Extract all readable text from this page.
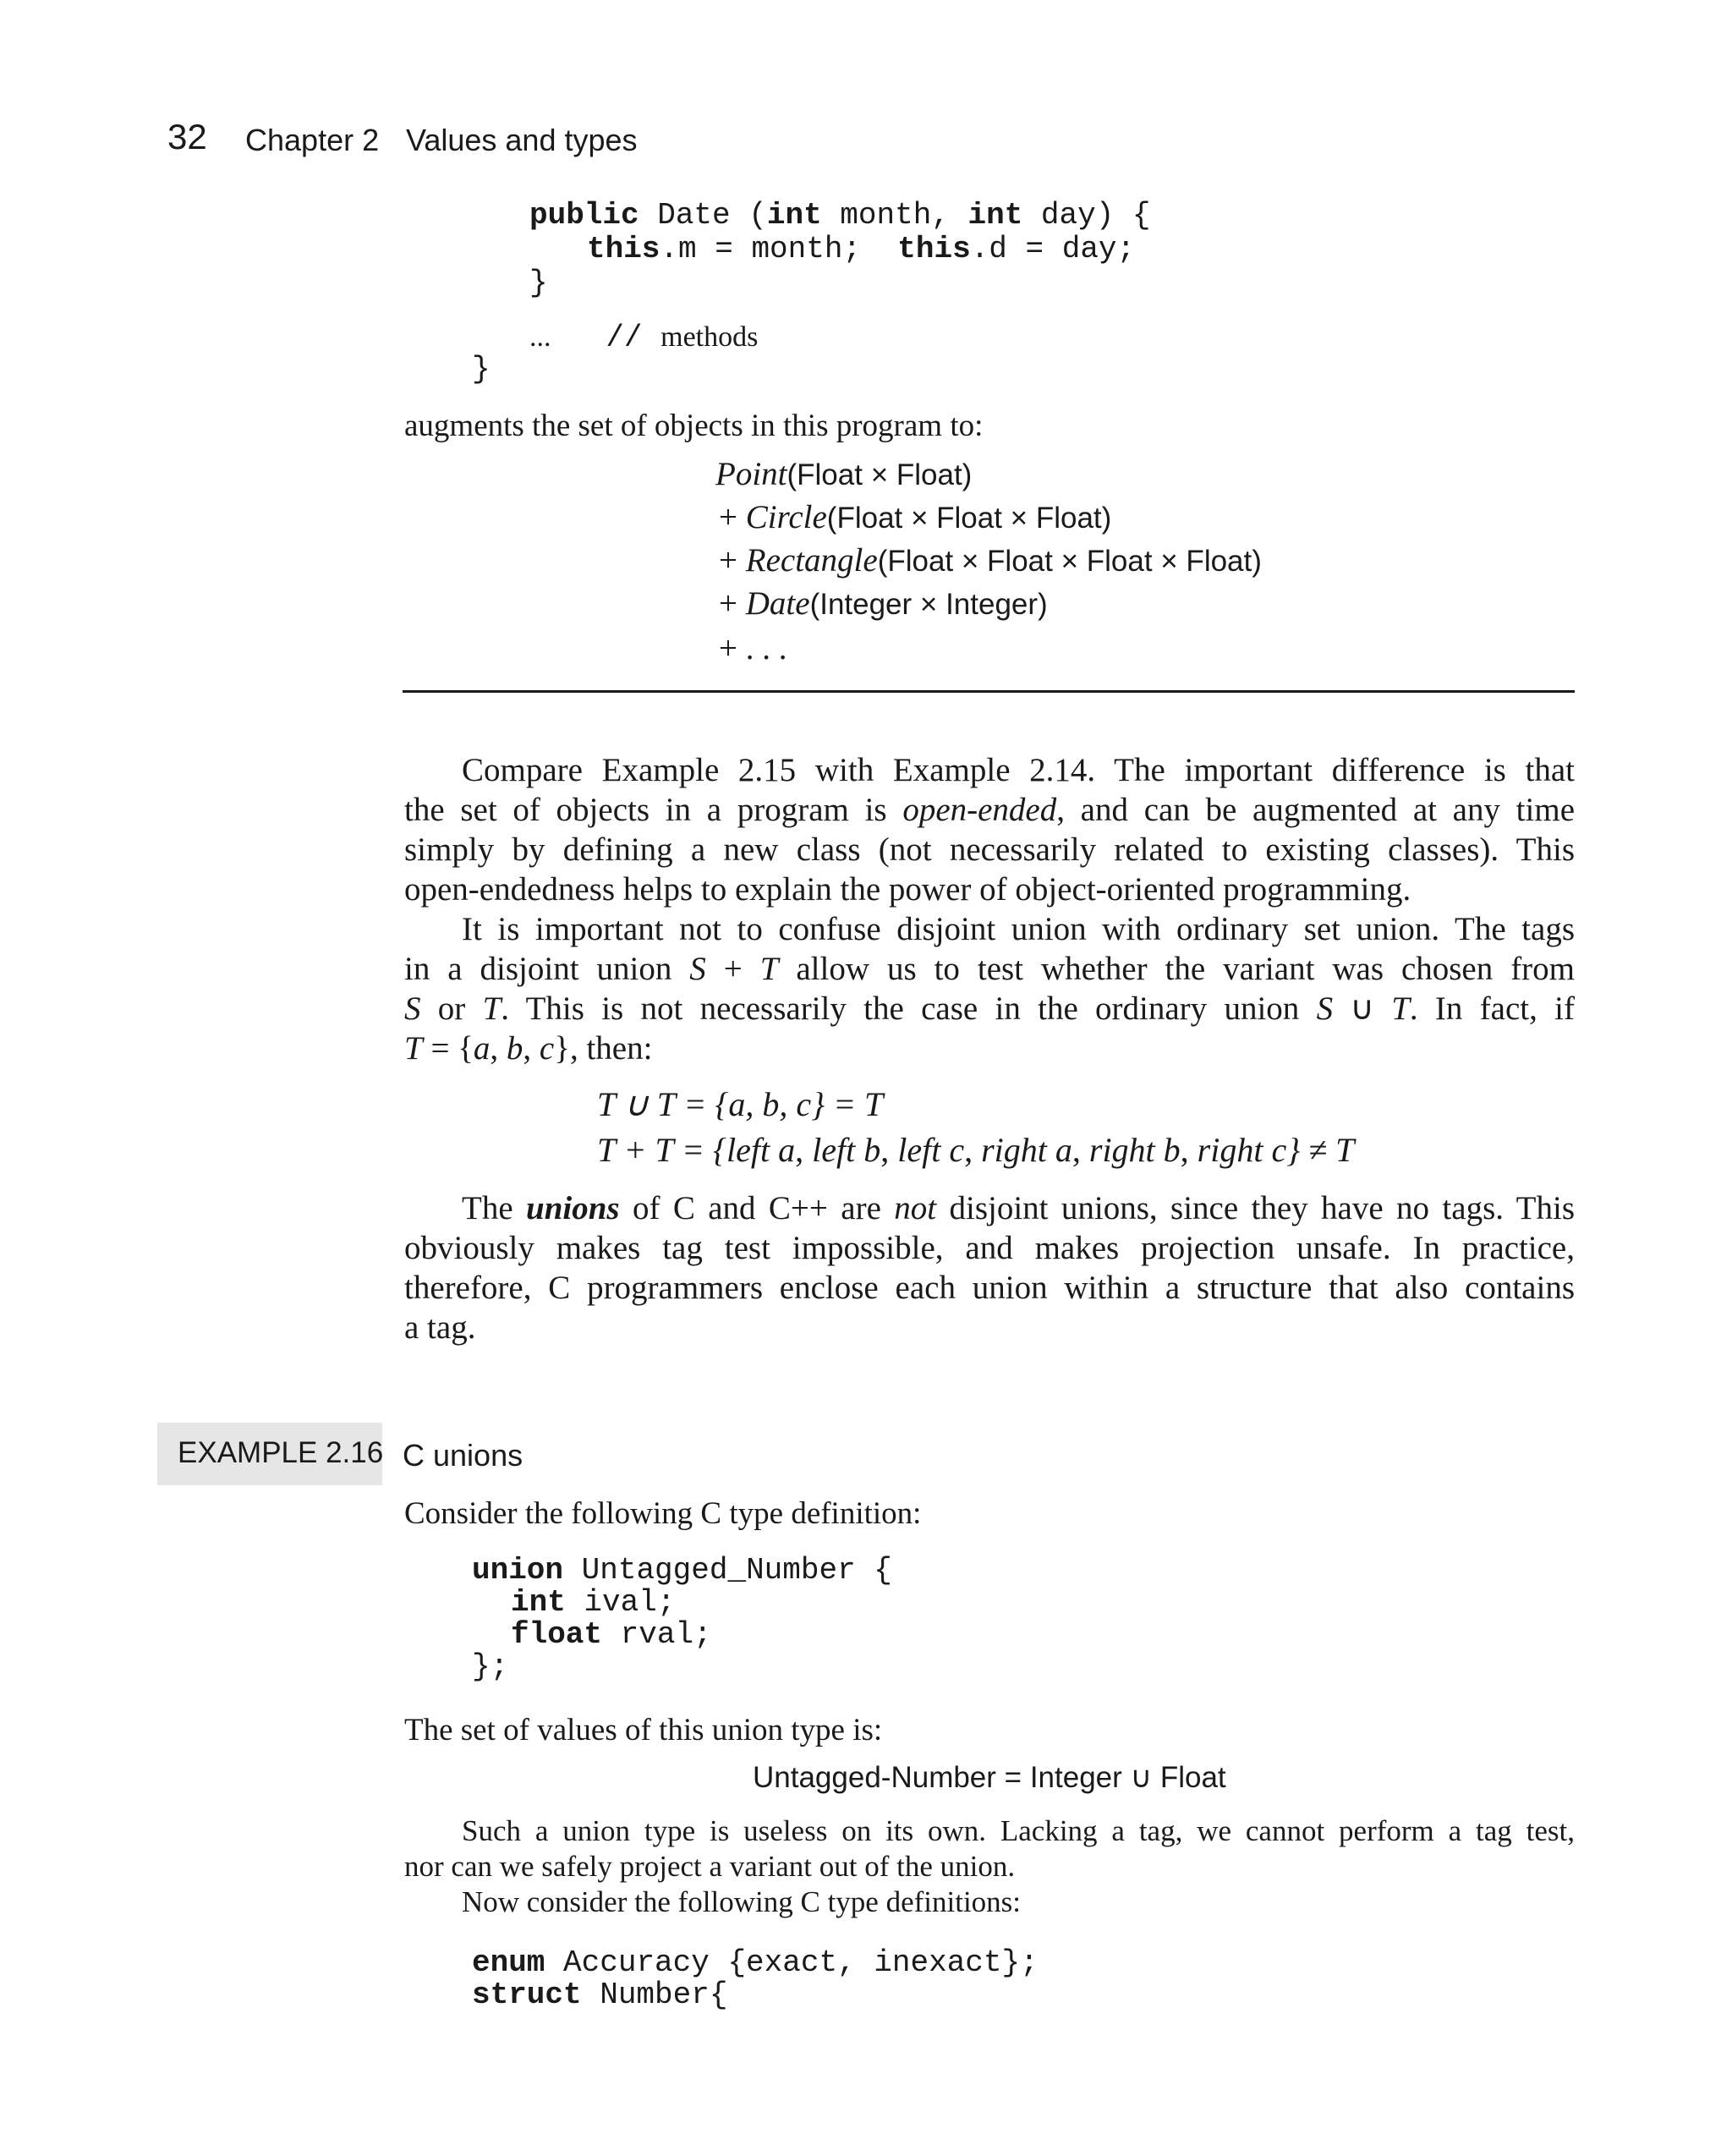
32 Chapter 2 Values and types
public Date (int month, int day) {
this.m = month;  this.d = day;
}
... // methods
}
augments the set of objects in this program to:
Point(Float × Float)
+ Circle(Float × Float × Float)
+ Rectangle(Float × Float × Float × Float)
+ Date(Integer × Integer)
+ . . .
Compare Example 2.15 with Example 2.14. The important difference is that
the set of objects in a program is open-ended, and can be augmented at any time
simply by defining a new class (not necessarily related to existing classes). This
open-endedness helps to explain the power of object-oriented programming.
It is important not to confuse disjoint union with ordinary set union. The tags
in a disjoint union S + T allow us to test whether the variant was chosen from
S or T. This is not necessarily the case in the ordinary union S ∪ T. In fact, if
T = {a, b, c}, then:
T ∪ T = {a, b, c} = T
T + T = {left a, left b, left c, right a, right b, right c} ≠ T
The unions of C and C++ are not disjoint unions, since they have no tags. This
obviously makes tag test impossible, and makes projection unsafe. In practice,
therefore, C programmers enclose each union within a structure that also contains
a tag.
EXAMPLE 2.16 C unions
Consider the following C type definition:
union Untagged_Number {
int ival;
float rval;
};
The set of values of this union type is:
Untagged-Number = Integer ∪ Float
Such a union type is useless on its own. Lacking a tag, we cannot perform a tag test,
nor can we safely project a variant out of the union.
Now consider the following C type definitions:
enum Accuracy {exact, inexact};
struct Number{
